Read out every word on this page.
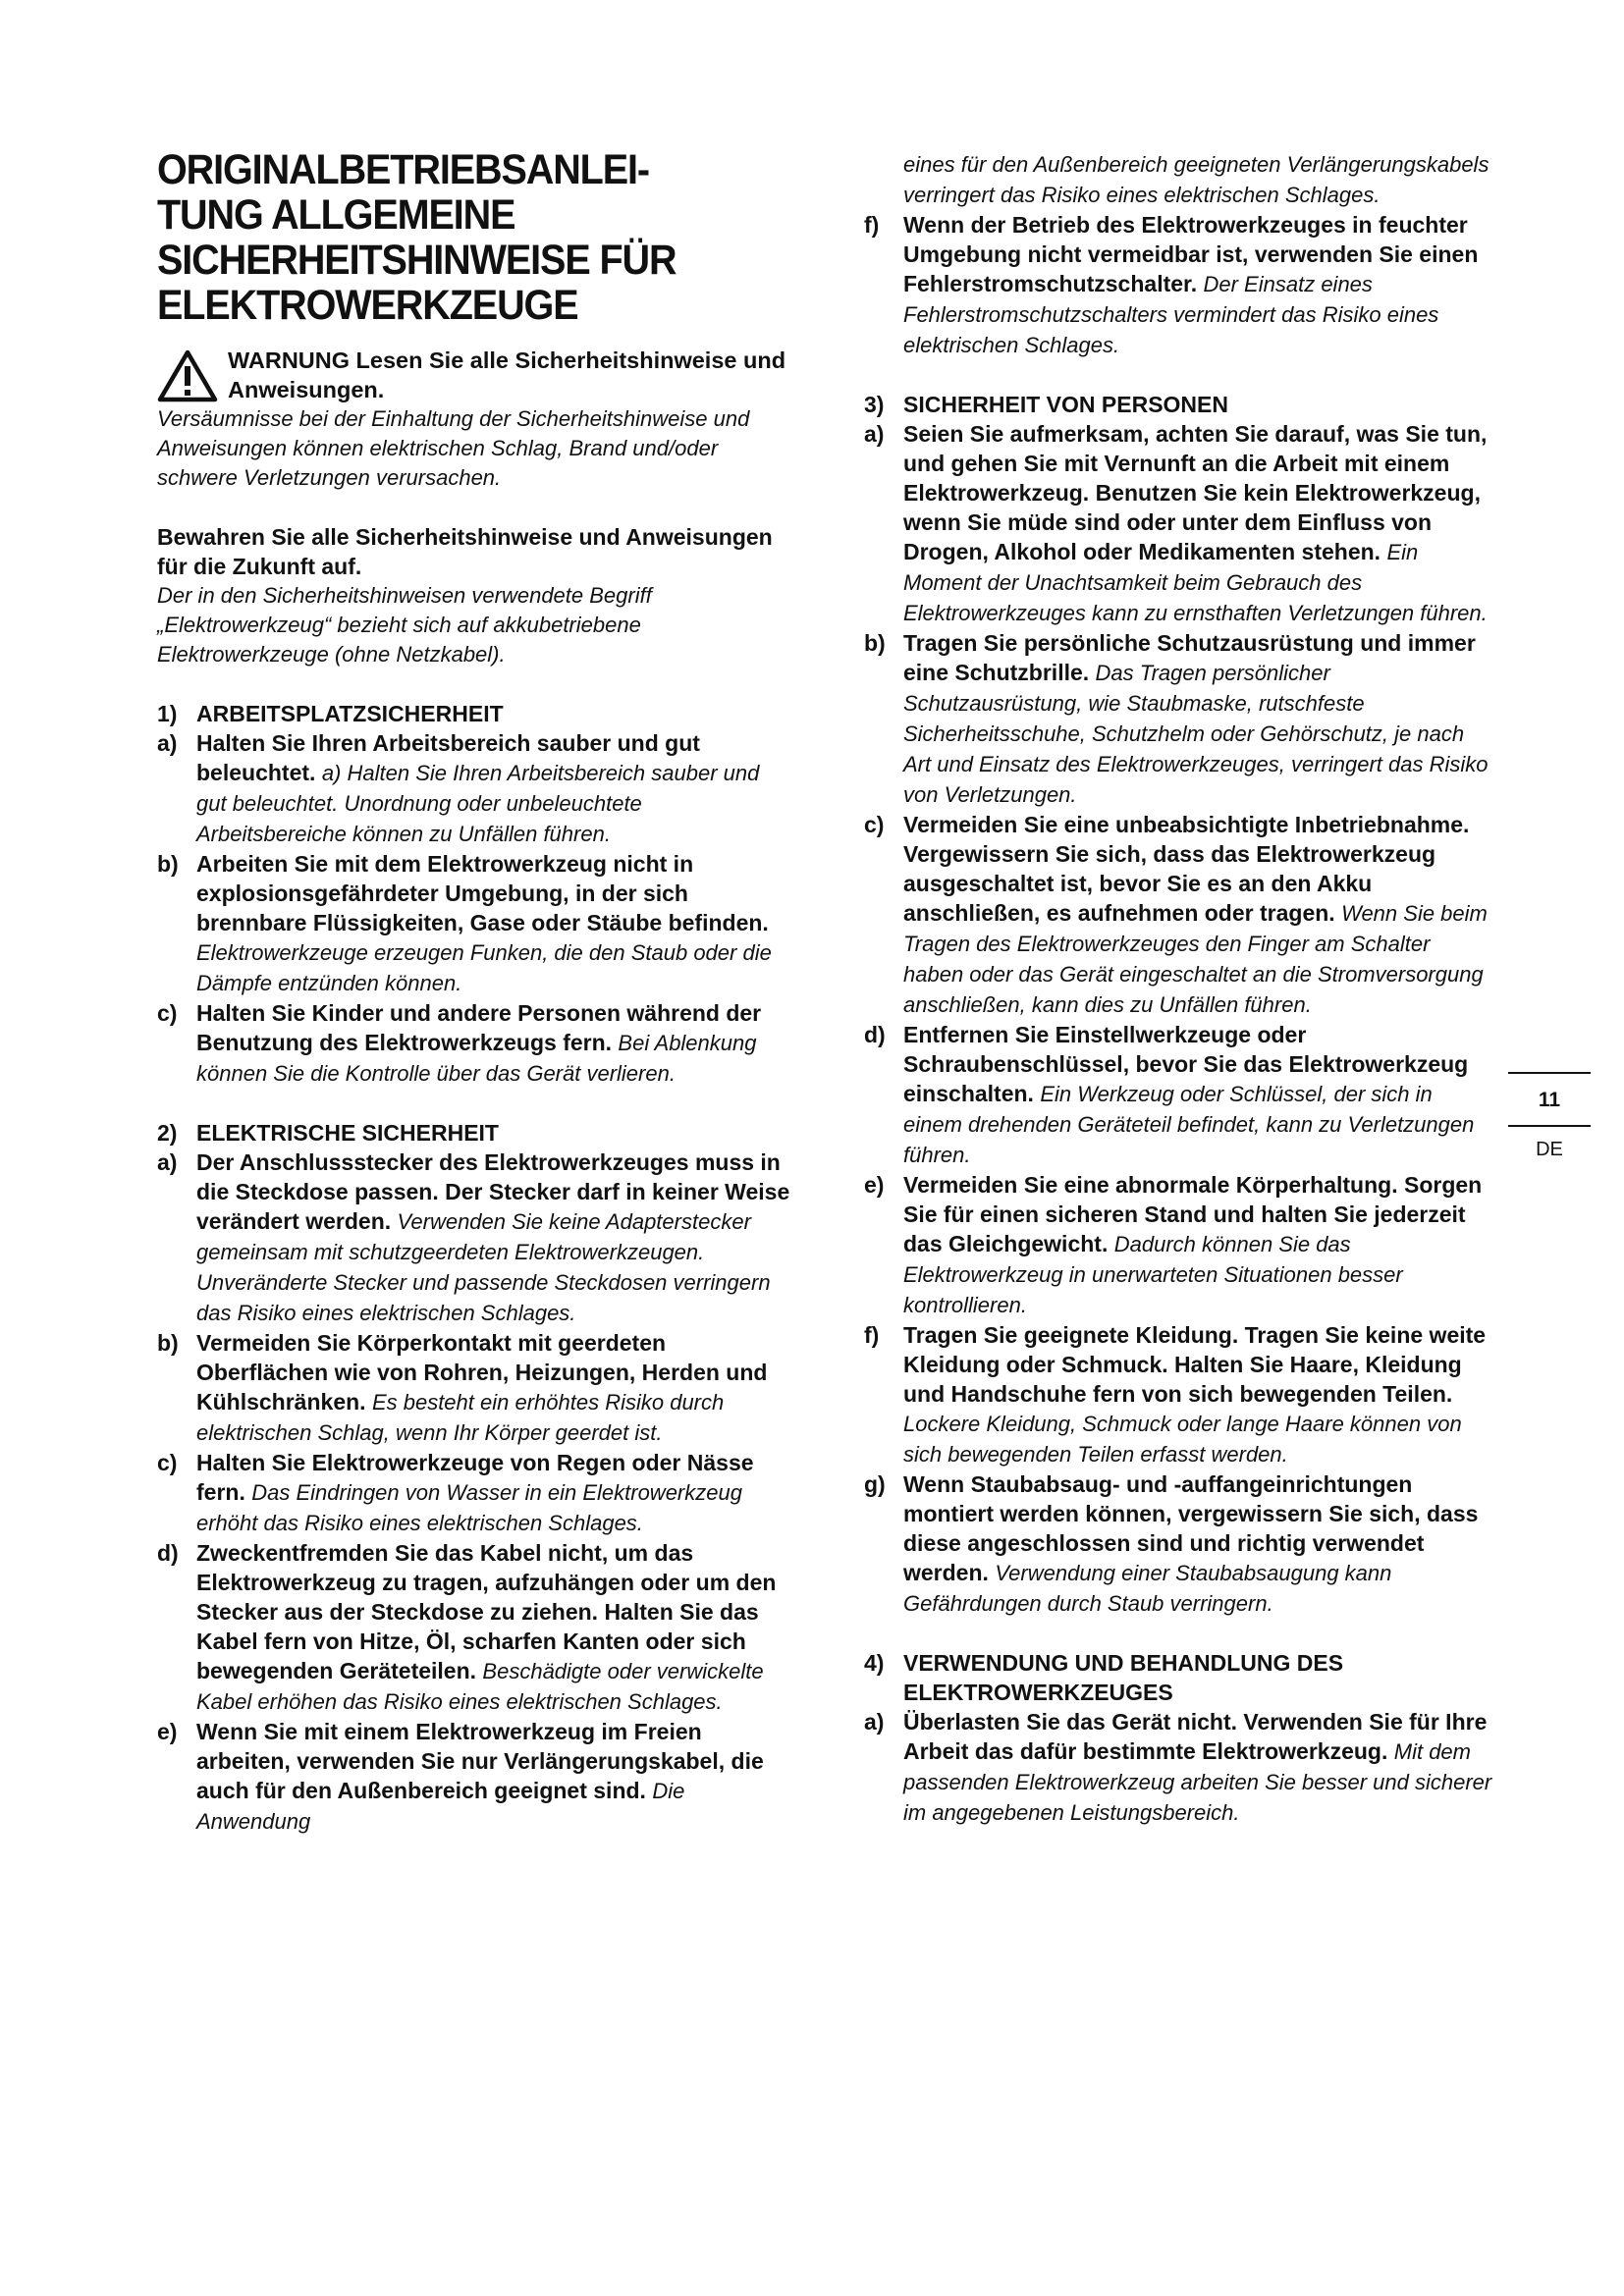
ORIGINALBETRIEBSANLEI-
TUNG ALLGEMEINE
SICHERHEITSHINWEISE FÜR
ELEKTROWERKZEUGE
WARNUNG Lesen Sie alle Sicherheitshinweise und Anweisungen.

Versäumnisse bei der Einhaltung der Sicherheitshinweise und Anweisungen können elektrischen Schlag, Brand und/oder schwere Verletzungen verursachen.

Bewahren Sie alle Sicherheitshinweise und Anweisungen für die Zukunft auf.

Der in den Sicherheitshinweisen verwendete Begriff „Elektrowerkzeug“ bezieht sich auf akkubetriebene Elektrowerkzeuge (ohne Netzkabel).

1) ARBEITSPLATZSICHERHEIT
a) Halten Sie Ihren Arbeitsbereich sauber und gut beleuchtet. a) Halten Sie Ihren Arbeitsbereich sauber und gut beleuchtet. Unordnung oder unbeleuchtete Arbeitsbereiche können zu Unfällen führen.
b) Arbeiten Sie mit dem Elektrowerkzeug nicht in explosionsgefährdeter Umgebung, in der sich brennbare Flüssigkeiten, Gase oder Stäube befinden. Elektrowerkzeuge erzeugen Funken, die den Staub oder die Dämpfe entzünden können.
c) Halten Sie Kinder und andere Personen während der Benutzung des Elektrowerkzeugs fern. Bei Ablenkung können Sie die Kontrolle über das Gerät verlieren.
2) ELEKTRISCHE SICHERHEIT
a) Der Anschlussstecker des Elektrowerkzeuges muss in die Steckdose passen. Der Stecker darf in keiner Weise verändert werden. Verwenden Sie keine Adapterstecker gemeinsam mit schutzgeerdeten Elektrowerkzeugen. Unveränderte Stecker und passende Steckdosen verringern das Risiko eines elektrischen Schlages.
b) Vermeiden Sie Körperkontakt mit geerdeten Oberflächen wie von Rohren, Heizungen, Herden und Kühlschränken. Es besteht ein erhöhtes Risiko durch elektrischen Schlag, wenn Ihr Körper geerdet ist.
c) Halten Sie Elektrowerkzeuge von Regen oder Nässe fern. Das Eindringen von Wasser in ein Elektrowerkzeug erhöht das Risiko eines elektrischen Schlages.
d) Zweckentfremden Sie das Kabel nicht, um das Elektrowerkzeug zu tragen, aufzuhängen oder um den Stecker aus der Steckdose zu ziehen. Halten Sie das Kabel fern von Hitze, Öl, scharfen Kanten oder sich bewegenden Geräteteilen. Beschädigte oder verwickelte Kabel erhöhen das Risiko eines elektrischen Schlages.
e) Wenn Sie mit einem Elektrowerkzeug im Freien arbeiten, verwenden Sie nur Verlängerungskabel, die auch für den Außenbereich geeignet sind. Die Anwendung
eines für den Außenbereich geeigneten Verlängerungskabels verringert das Risiko eines elektrischen Schlages.
f)	Wenn der Betrieb des Elektrowerkzeuges in feuchter Umgebung nicht vermeidbar ist, verwenden Sie einen Fehlerstromschutzschalter. Der Einsatz eines Fehlerstromschutzschalters vermindert das Risiko eines elektrischen Schlages.
3) SICHERHEIT VON PERSONEN
a) Seien Sie aufmerksam, achten Sie darauf, was Sie tun, und gehen Sie mit Vernunft an die Arbeit mit einem Elektrowerkzeug. Benutzen Sie kein Elektrowerkzeug, wenn Sie müde sind oder unter dem Einfluss von Drogen, Alkohol oder Medikamenten stehen. Ein Moment der Unachtsamkeit beim Gebrauch des Elektrowerkzeuges kann zu ernsthaften Verletzungen führen.
b) Tragen Sie persönliche Schutzausrüstung und immer eine Schutzbrille. Das Tragen persönlicher Schutzausrüstung, wie Staubmaske, rutschfeste Sicherheitsschuhe, Schutzhelm oder Gehörschutz, je nach Art und Einsatz des Elektrowerkzeuges, verringert das Risiko von Verletzungen.
c) Vermeiden Sie eine unbeabsichtigte Inbetriebnahme. Vergewissern Sie sich, dass das Elektrowerkzeug ausgeschaltet ist, bevor Sie es an den Akku anschließen, es aufnehmen oder tragen. Wenn Sie beim Tragen des Elektrowerkzeuges den Finger am Schalter haben oder das Gerät eingeschaltet an die Stromversorgung anschließen, kann dies zu Unfällen führen.
d) Entfernen Sie Einstellwerkzeuge oder Schraubenschlüssel, bevor Sie das Elektrowerkzeug einschalten. Ein Werkzeug oder Schlüssel, der sich in einem drehenden Geräteteil befindet, kann zu Verletzungen führen.
e) Vermeiden Sie eine abnormale Körperhaltung. Sorgen Sie für einen sicheren Stand und halten Sie jederzeit das Gleichgewicht. Dadurch können Sie das Elektrowerkzeug in unerwarteten Situationen besser kontrollieren.
f)	Tragen Sie geeignete Kleidung. Tragen Sie keine weite Kleidung oder Schmuck. Halten Sie Haare, Kleidung und Handschuhe fern von sich bewegenden Teilen. Lockere Kleidung, Schmuck oder lange Haare können von sich bewegenden Teilen erfasst werden.
g) Wenn Staubabsaug- und -auffangeinrichtungen montiert werden können, vergewissern Sie sich, dass diese angeschlossen sind und richtig verwendet werden. Verwendung einer Staubabsaugung kann Gefährdungen durch Staub verringern.
4) VERWENDUNG UND BEHANDLUNG DES ELEKTROWERKZEUGES
a) Überlasten Sie das Gerät nicht. Verwenden Sie für Ihre Arbeit das dafür bestimmte Elektrowerkzeug. Mit dem passenden Elektrowerkzeug arbeiten Sie besser und sicherer im angegebenen Leistungsbereich.
11
DE
